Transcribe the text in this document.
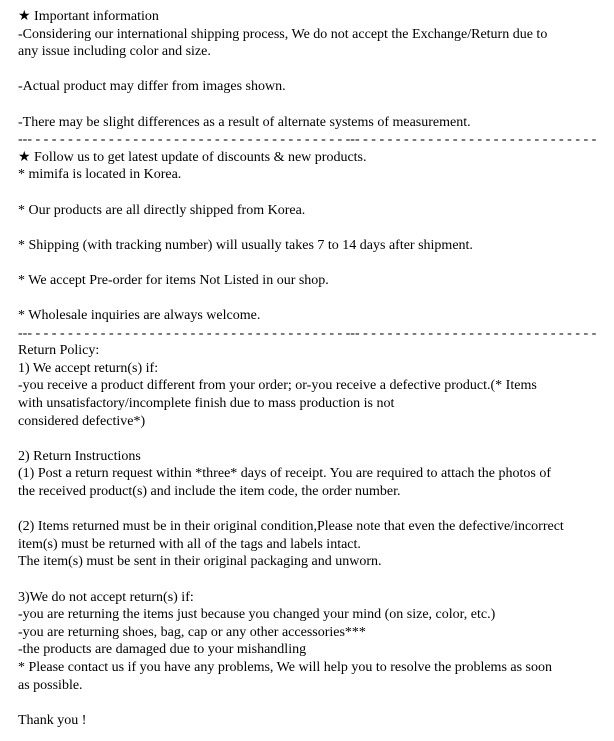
★ Important information
-Considering our international shipping process, We do not accept the Exchange/Return due to
any issue including color and size.
-Actual product may differ from images shown.
-There may be slight differences as a result of alternate systems of measurement.
--- - - - - - - - - - - - - - - - - - - - - - - - - - - - - - - - - - - - - - - --- - - - - - - - - - - - - - - - - - - - - - - - - - - - - -
★ Follow us to get latest update of discounts & new products.
* mimifa is located in Korea.
* Our products are all directly shipped from Korea.
* Shipping (with tracking number) will usually takes 7 to 14 days after shipment.
* We accept Pre-order for items Not Listed in our shop.
* Wholesale inquiries are always welcome.
--- - - - - - - - - - - - - - - - - - - - - - - - - - - - - - - - - - - - - - - --- - - - - - - - - - - - - - - - - - - - - - - - - - - - - -
Return Policy:
1) We accept return(s) if:
-you receive a product different from your order; or-you receive a defective product.(* Items
with unsatisfactory/incomplete finish due to mass production is not
considered defective*)
2) Return Instructions
(1) Post a return request within *three* days of receipt. You are required to attach the photos of
the received product(s) and include the item code, the order number.
(2) Items returned must be in their original condition,Please note that even the defective/incorrect
item(s) must be returned with all of the tags and labels intact.
The item(s) must be sent in their original packaging and unworn.
3)We do not accept return(s) if:
-you are returning the items just because you changed your mind (on size, color, etc.)
-you are returning shoes, bag, cap or any other accessories***
-the products are damaged due to your mishandling
* Please contact us if you have any problems, We will help you to resolve the problems as soon
as possible.
Thank you !
